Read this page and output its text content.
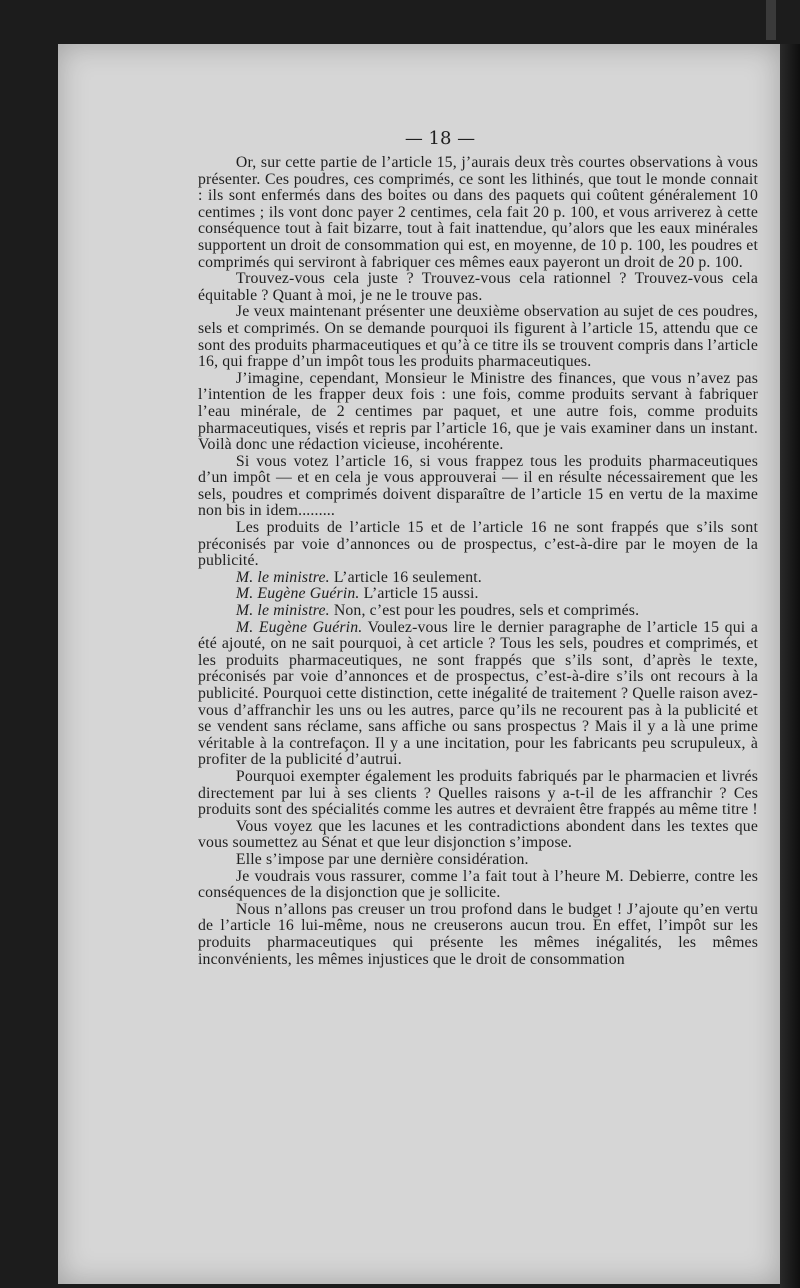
— 18 —

Or, sur cette partie de l’article 15, j’aurais deux très courtes observations à vous présenter. Ces poudres, ces comprimés, ce sont les lithinés, que tout le monde connait : ils sont enfermés dans des boites ou dans des paquets qui coûtent généralement 10 centimes ; ils vont donc payer 2 centimes, cela fait 20 p. 100, et vous arriverez à cette conséquence tout à fait bizarre, tout à fait inattendue, qu’alors que les eaux minérales supportent un droit de consommation qui est, en moyenne, de 10 p. 100, les poudres et comprimés qui serviront à fabriquer ces mêmes eaux payeront un droit de 20 p. 100.

Trouvez-vous cela juste ? Trouvez-vous cela rationnel ? Trouvez-vous cela équitable ? Quant à moi, je ne le trouve pas.

Je veux maintenant présenter une deuxième observation au sujet de ces poudres, sels et comprimés. On se demande pourquoi ils figurent à l’article 15, attendu que ce sont des produits pharmaceutiques et qu’à ce titre ils se trouvent compris dans l’article 16, qui frappe d’un impôt tous les produits pharmaceutiques.

J’imagine, cependant, Monsieur le Ministre des finances, que vous n’avez pas l’intention de les frapper deux fois : une fois, comme produits servant à fabriquer l’eau minérale, de 2 centimes par paquet, et une autre fois, comme produits pharmaceutiques, visés et repris par l’article 16, que je vais examiner dans un instant. Voilà donc une rédaction vicieuse, incohérente.

Si vous votez l’article 16, si vous frappez tous les produits pharmaceutiques d’un impôt — et en cela je vous approuverai — il en résulte nécessairement que les sels, poudres et comprimés doivent disparaître de l’article 15 en vertu de la maxime non bis in idem.........

Les produits de l’article 15 et de l’article 16 ne sont frappés que s’ils sont préconisés par voie d’annonces ou de prospectus, c’est-à-dire par le moyen de la publicité.

M. le ministre. L’article 16 seulement.

M. Eugène Guérin. L’article 15 aussi.

M. le ministre. Non, c’est pour les poudres, sels et comprimés.

M. Eugène Guérin. Voulez-vous lire le dernier paragraphe de l’article 15 qui a été ajouté, on ne sait pourquoi, à cet article ? Tous les sels, poudres et comprimés, et les produits pharmaceutiques, ne sont frappés que s’ils sont, d’après le texte, préconisés par voie d’annonces et de prospectus, c’est-à-dire s’ils ont recours à la publicité. Pourquoi cette distinction, cette inégalité de traitement ? Quelle raison avez-vous d’affranchir les uns ou les autres, parce qu’ils ne recourent pas à la publicité et se vendent sans réclame, sans affiche ou sans prospectus ? Mais il y a là une prime véritable à la contrefaçon. Il y a une incitation, pour les fabricants peu scrupuleux, à profiter de la publicité d’autrui.

Pourquoi exempter également les produits fabriqués par le pharmacien et livrés directement par lui à ses clients ? Quelles raisons y a-t-il de les affranchir ? Ces produits sont des spécialités comme les autres et devraient être frappés au même titre !

Vous voyez que les lacunes et les contradictions abondent dans les textes que vous soumettez au Sénat et que leur disjonction s’impose.

Elle s’impose par une dernière considération.

Je voudrais vous rassurer, comme l’a fait tout à l’heure M. Debierre, contre les conséquences de la disjonction que je sollicite.

Nous n’allons pas creuser un trou profond dans le budget ! J’ajoute qu’en vertu de l’article 16 lui-même, nous ne creuserons aucun trou. En effet, l’impôt sur les produits pharmaceutiques qui présente les mêmes inégalités, les mêmes inconvénients, les mêmes injustices que le droit de consommation
